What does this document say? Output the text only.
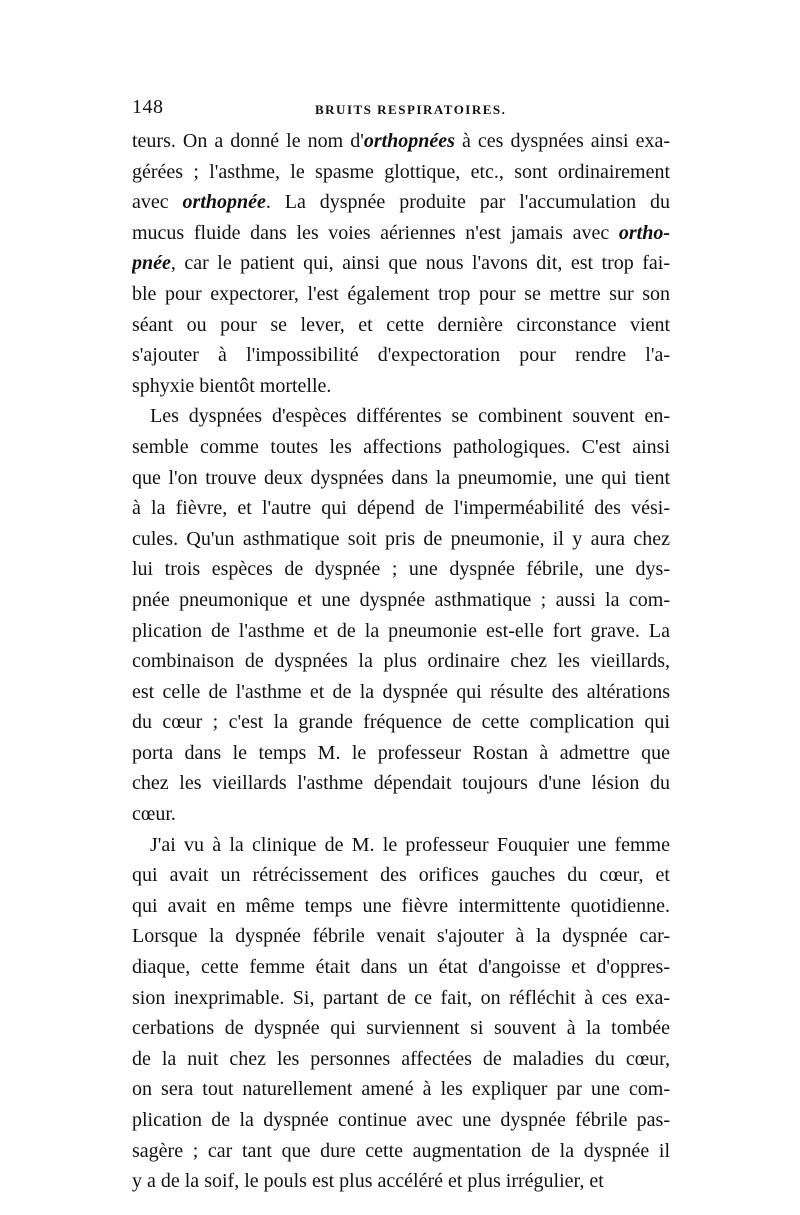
148	BRUITS RESPIRATOIRES.
teurs. On a donné le nom d'orthopnées à ces dyspnées ainsi exa-
gérées ; l'asthme, le spasme glottique, etc., sont ordinairement
avec orthopnée. La dyspnée produite par l'accumulation du
mucus fluide dans les voies aériennes n'est jamais avec ortho-
pnée, car le patient qui, ainsi que nous l'avons dit, est trop fai-
ble pour expectorer, l'est également trop pour se mettre sur son
séant ou pour se lever, et cette dernière circonstance vient
s'ajouter à l'impossibilité d'expectoration pour rendre l'a-
sphyxie bientôt mortelle.
Les dyspnées d'espèces différentes se combinent souvent en-
semble comme toutes les affections pathologiques. C'est ainsi
que l'on trouve deux dyspnées dans la pneumomie, une qui tient
à la fièvre, et l'autre qui dépend de l'imperméabilité des vési-
cules. Qu'un asthmatique soit pris de pneumonie, il y aura chez
lui trois espèces de dyspnée ; une dyspnée fébrile, une dys-
pnée pneumonique et une dyspnée asthmatique ; aussi la com-
plication de l'asthme et de la pneumonie est-elle fort grave. La
combinaison de dyspnées la plus ordinaire chez les vieillards,
est celle de l'asthme et de la dyspnée qui résulte des altérations
du cœur ; c'est la grande fréquence de cette complication qui
porta dans le temps M. le professeur Rostan à admettre que
chez les vieillards l'asthme dépendait toujours d'une lésion du
cœur.
J'ai vu à la clinique de M. le professeur Fouquier une femme
qui avait un rétrécissement des orifices gauches du cœur, et
qui avait en même temps une fièvre intermittente quotidienne.
Lorsque la dyspnée fébrile venait s'ajouter à la dyspnée car-
diaque, cette femme était dans un état d'angoisse et d'oppres-
sion inexprimable. Si, partant de ce fait, on réfléchit à ces exa-
cerbations de dyspnée qui surviennent si souvent à la tombée
de la nuit chez les personnes affectées de maladies du cœur,
on sera tout naturellement amené à les expliquer par une com-
plication de la dyspnée continue avec une dyspnée fébrile pas-
sagère ; car tant que dure cette augmentation de la dyspnée il
y a de la soif, le pouls est plus accéléré et plus irrégulier, et
